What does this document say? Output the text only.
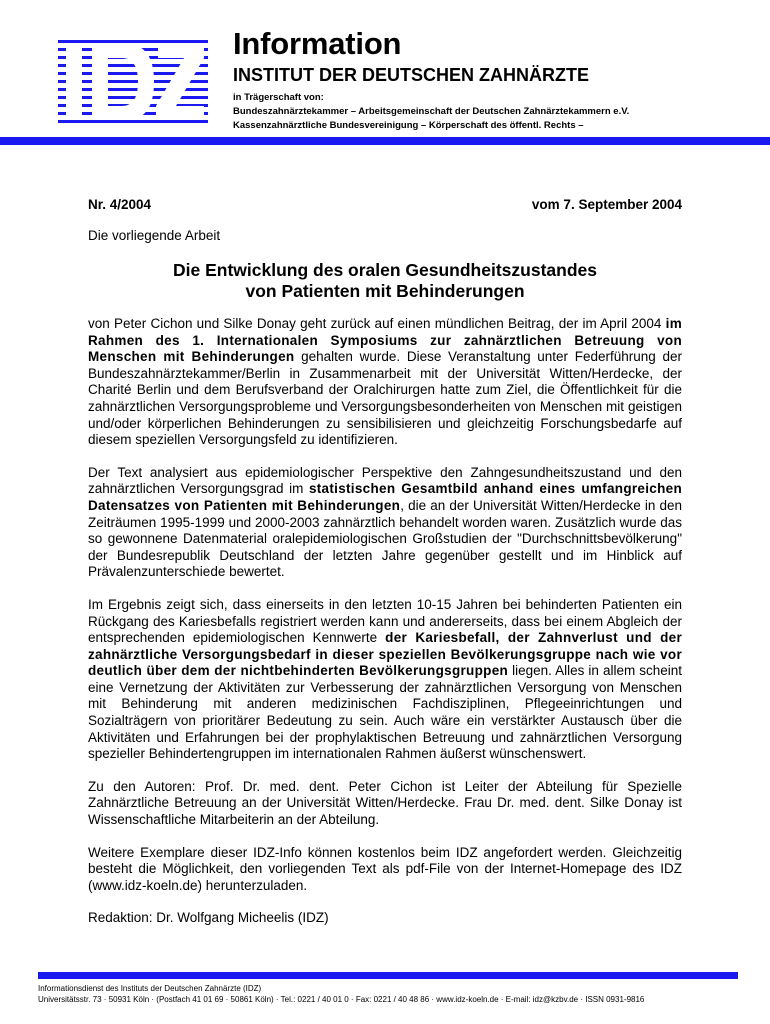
Information
INSTITUT DER DEUTSCHEN ZAHNÄRZTE

in Trägerschaft von:

Bundeszahnärztekammer – Arbeitsgemeinschaft der Deutschen Zahnärztekammern e.V.

Kassenzahnärztliche Bundesvereinigung – Körperschaft des öffentl. Rechts –

Nr. 4/2004	vom 7. September 2004
Die vorliegende Arbeit
Die Entwicklung des oralen Gesundheitszustandes
von Patienten mit Behinderungen

von Peter Cichon und Silke Donay geht zurück auf einen mündlichen Beitrag, der im April 2004 im Rahmen des 1. Internationalen Symposiums zur zahnärztlichen Betreuung von Menschen mit Behinderungen gehalten wurde. Diese Veranstaltung unter Federführung der Bundeszahnärztekammer/Berlin in Zusammenarbeit mit der Universität Witten/Herdecke, der Charité Berlin und dem Berufsverband der Oralchirurgen hatte zum Ziel, die Öffentlichkeit für die zahnärztlichen Versorgungsprobleme und Versorgungsbesonderheiten von Menschen mit geistigen und/oder körperlichen Behinderungen zu sensibilisieren und gleichzeitig Forschungsbedarfe auf diesem speziellen Versorgungsfeld zu identifizieren.

Der Text analysiert aus epidemiologischer Perspektive den Zahngesundheitszustand und den zahnärztlichen Versorgungsgrad im statistischen Gesamtbild anhand eines umfangreichen Datensatzes von Patienten mit Behinderungen, die an der Universität Witten/Herdecke in den Zeiträumen 1995-1999 und 2000-2003 zahnärztlich behandelt worden waren. Zusätzlich wurde das so gewonnene Datenmaterial oralepidemiologischen Großstudien der "Durchschnittsbevölkerung" der Bundesrepublik Deutschland der letzten Jahre gegenüber gestellt und im Hinblick auf Prävalenzunterschiede bewertet.

Im Ergebnis zeigt sich, dass einerseits in den letzten 10-15 Jahren bei behinderten Patienten ein Rückgang des Kariesbefalls registriert werden kann und andererseits, dass bei einem Abgleich der entsprechenden epidemiologischen Kennwerte der Kariesbefall, der Zahnverlust und der zahnärztliche Versorgungsbedarf in dieser speziellen Bevölkerungsgruppe nach wie vor deutlich über dem der nichtbehinderten Bevölkerungsgruppen liegen. Alles in allem scheint eine Vernetzung der Aktivitäten zur Verbesserung der zahnärztlichen Versorgung von Menschen mit Behinderung mit anderen medizinischen Fachdisziplinen, Pflegeeinrichtungen und Sozialträgern von prioritärer Bedeutung zu sein. Auch wäre ein verstärkter Austausch über die Aktivitäten und Erfahrungen bei der prophylaktischen Betreuung und zahnärztlichen Versorgung spezieller Behindertengruppen im internationalen Rahmen äußerst wünschenswert.

Zu den Autoren: Prof. Dr. med. dent. Peter Cichon ist Leiter der Abteilung für Spezielle Zahnärztliche Betreuung an der Universität Witten/Herdecke. Frau Dr. med. dent. Silke Donay ist Wissenschaftliche Mitarbeiterin an der Abteilung.

Weitere Exemplare dieser IDZ-Info können kostenlos beim IDZ angefordert werden. Gleichzeitig besteht die Möglichkeit, den vorliegenden Text als pdf-File von der Internet-Homepage des IDZ (www.idz-koeln.de) herunterzuladen.

Redaktion: Dr. Wolfgang Micheelis (IDZ)

Informationsdienst des Instituts der Deutschen Zahnärzte (IDZ)
Universitätsstr. 73 · 50931 Köln · (Postfach 41 01 69 · 50861 Köln) · Tel.: 0221 / 40 01 0 · Fax: 0221 / 40 48 86 · www.idz-koeln.de · E-mail: idz@kzbv.de · ISSN 0931-9816
